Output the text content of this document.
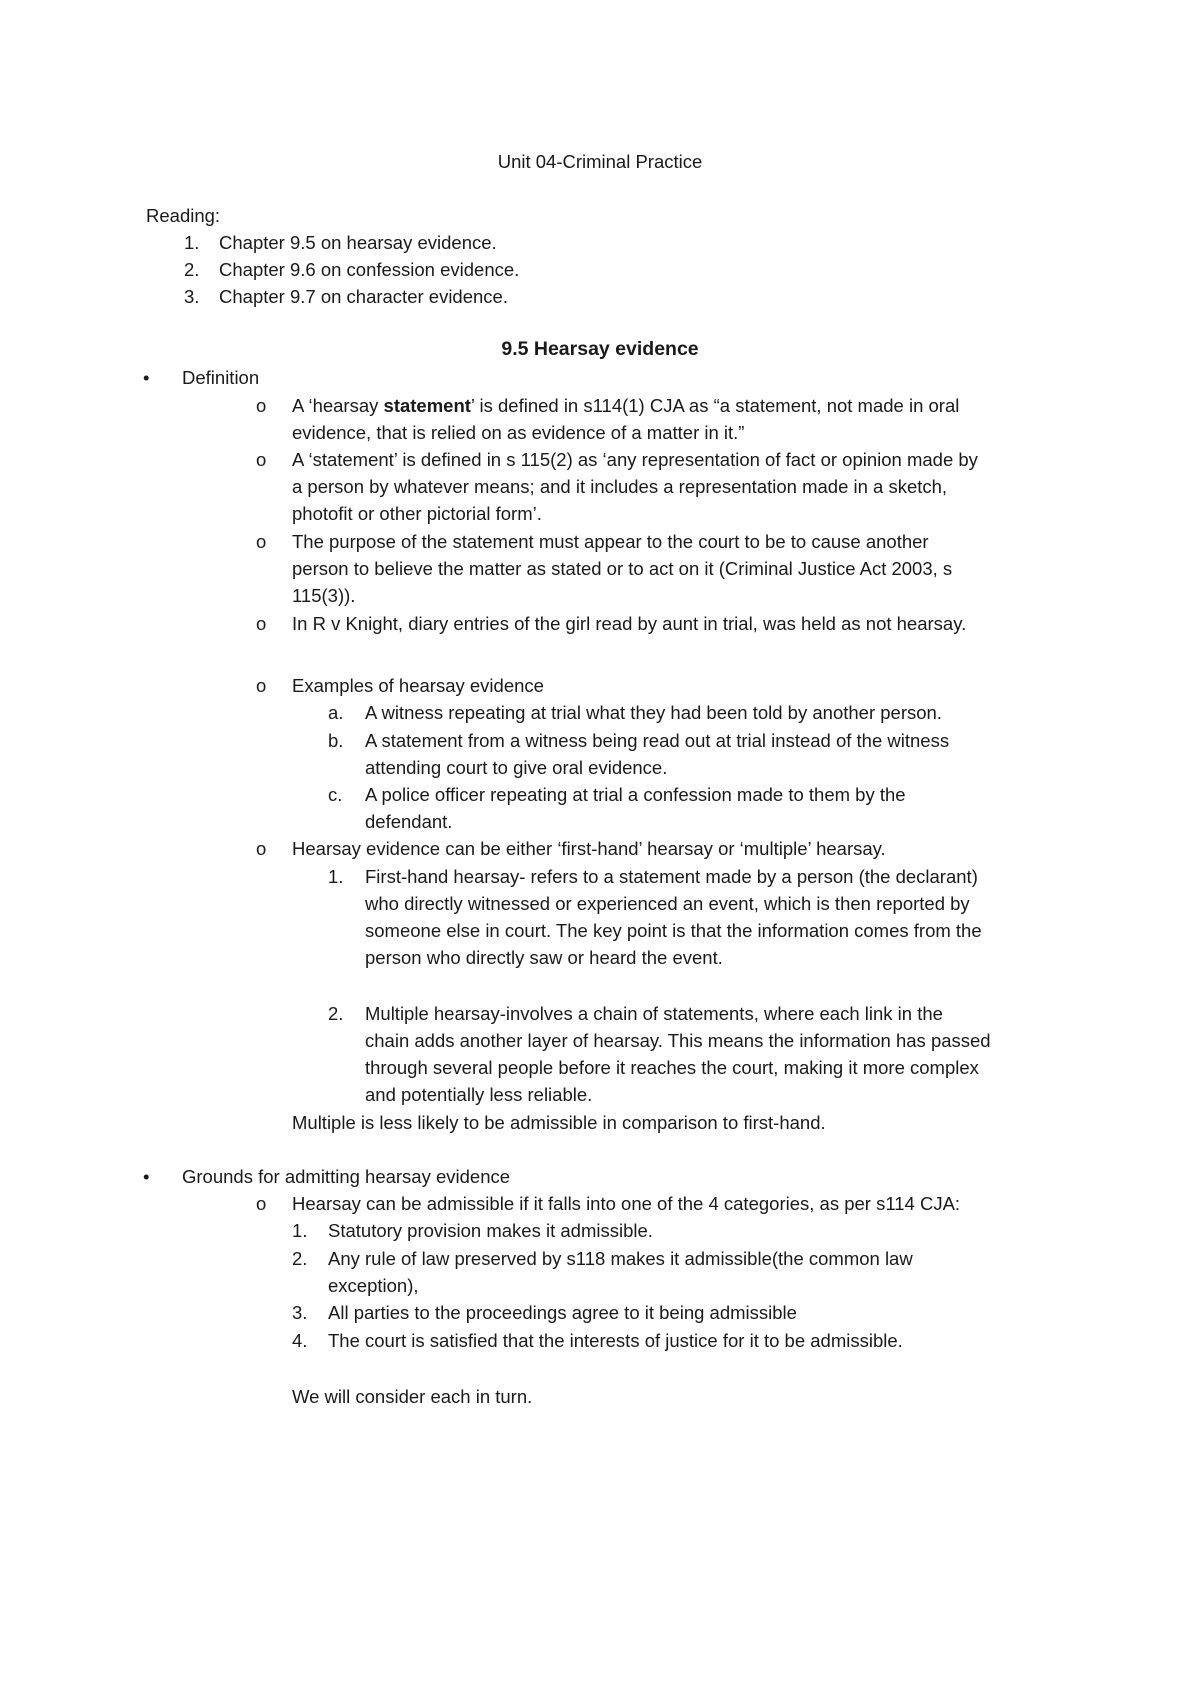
Unit 04-Criminal Practice
Reading:
1. Chapter 9.5 on hearsay evidence.
2. Chapter 9.6 on confession evidence.
3. Chapter 9.7 on character evidence.
9.5 Hearsay evidence
• Definition
o A ‘hearsay statement’ is defined in s114(1) CJA as “a statement, not made in oral
evidence, that is relied on as evidence of a matter in it.”
o A ‘statement’ is defined in s 115(2) as ‘any representation of fact or opinion made by
a person by whatever means; and it includes a representation made in a sketch,
photofit or other pictorial form’.
o The purpose of the statement must appear to the court to be to cause another
person to believe the matter as stated or to act on it (Criminal Justice Act 2003, s
115(3)).
o In R v Knight, diary entries of the girl read by aunt in trial, was held as not hearsay.
o Examples of hearsay evidence
a. A witness repeating at trial what they had been told by another person.
b. A statement from a witness being read out at trial instead of the witness
attending court to give oral evidence.
c. A police officer repeating at trial a confession made to them by the
defendant.
o Hearsay evidence can be either ‘first-hand’ hearsay or ‘multiple’ hearsay.
1. First-hand hearsay- refers to a statement made by a person (the declarant)
who directly witnessed or experienced an event, which is then reported by
someone else in court. The key point is that the information comes from the
person who directly saw or heard the event.
2. Multiple hearsay-involves a chain of statements, where each link in the
chain adds another layer of hearsay. This means the information has passed
through several people before it reaches the court, making it more complex
and potentially less reliable.
Multiple is less likely to be admissible in comparison to first-hand.
• Grounds for admitting hearsay evidence
o Hearsay can be admissible if it falls into one of the 4 categories, as per s114 CJA:
1. Statutory provision makes it admissible.
2. Any rule of law preserved by s118 makes it admissible(the common law
exception),
3. All parties to the proceedings agree to it being admissible
4. The court is satisfied that the interests of justice for it to be admissible.
We will consider each in turn.
